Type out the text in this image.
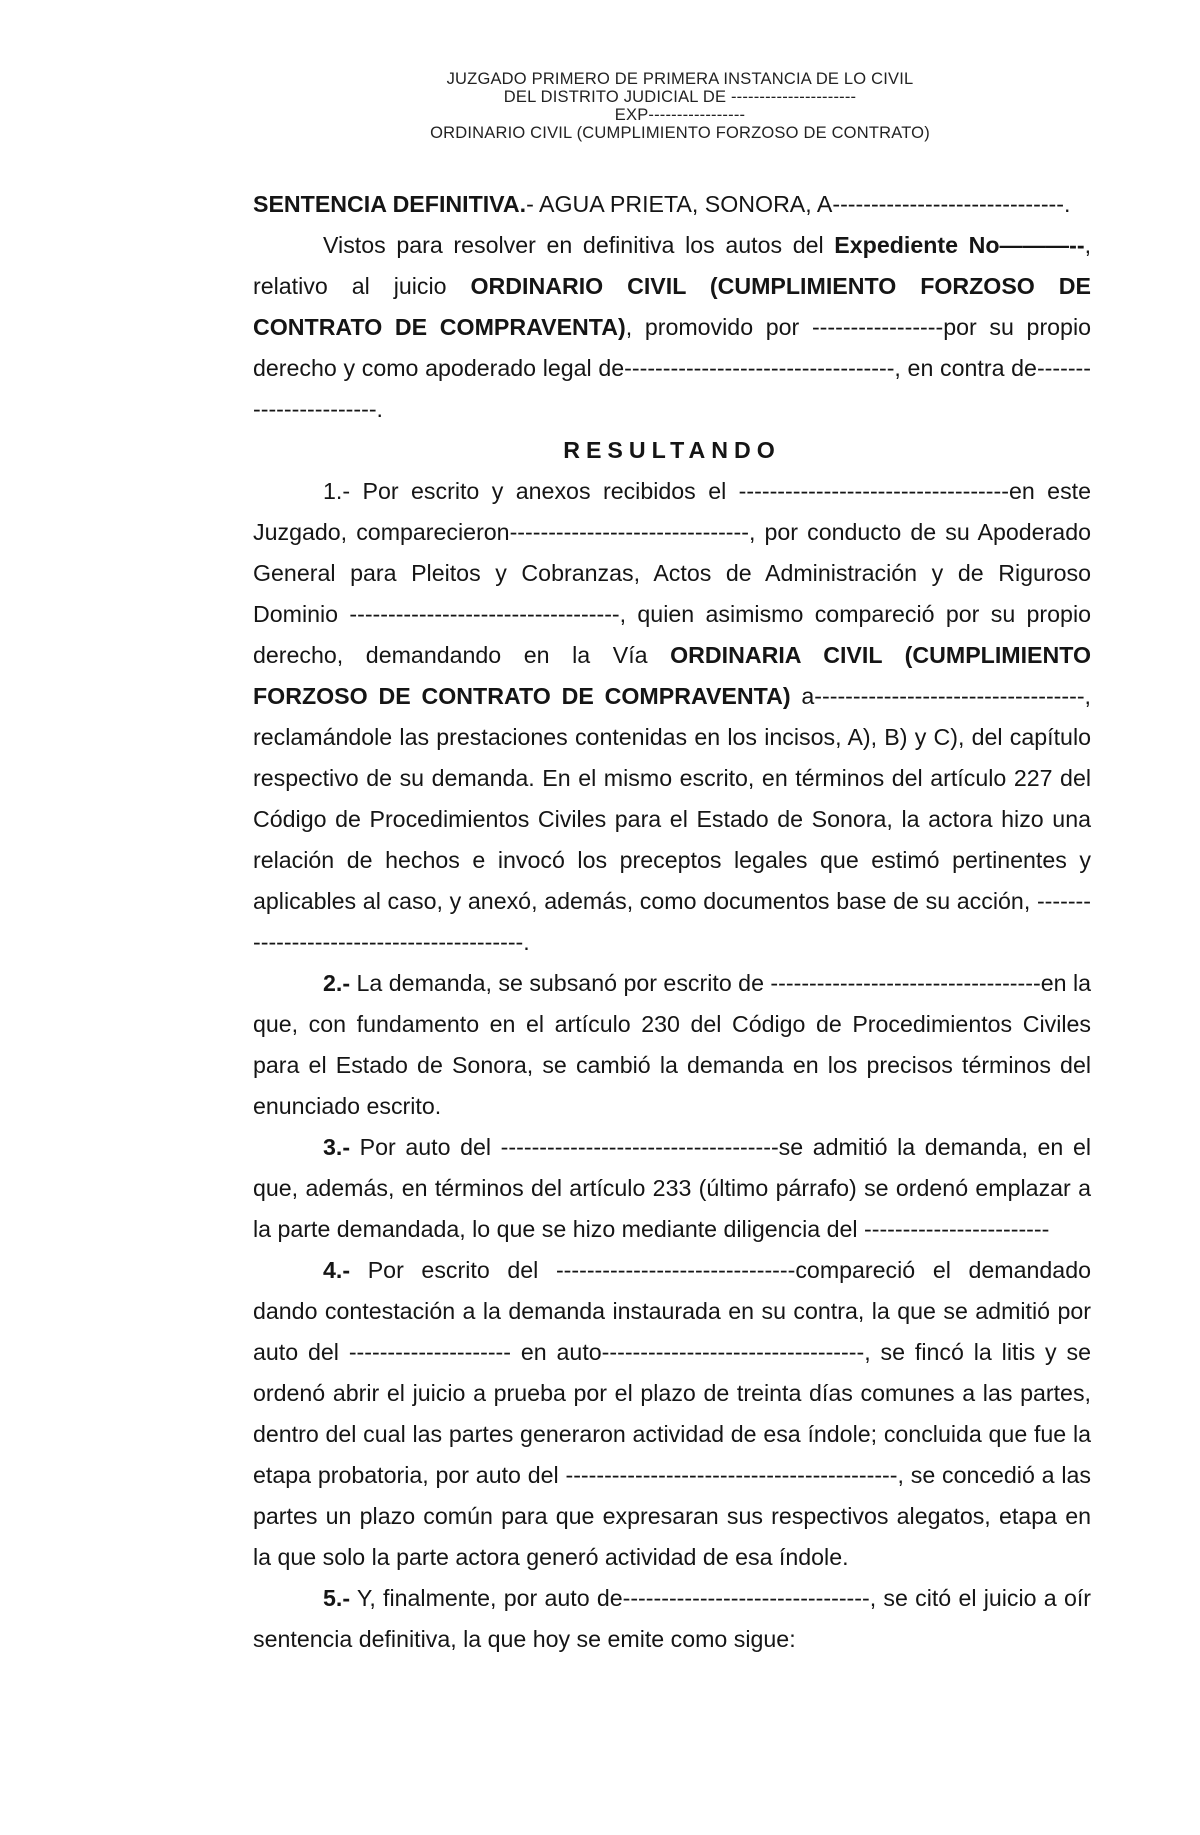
JUZGADO PRIMERO DE PRIMERA INSTANCIA DE LO CIVIL
DEL DISTRITO JUDICIAL DE ----------------------
EXP-----------------
ORDINARIO CIVIL (CUMPLIMIENTO FORZOSO DE CONTRATO)

SENTENCIA DEFINITIVA.- AGUA PRIETA, SONORA, A------------------------------.

Vistos para resolver en definitiva los autos del Expediente No———--, relativo al juicio ORDINARIO CIVIL (CUMPLIMIENTO FORZOSO DE CONTRATO DE COMPRAVENTA), promovido por -----------------por su propio derecho y como apoderado legal de-----------------------------------, en contra de-----------------------.

RESULTANDO

1.- Por escrito y anexos recibidos el -----------------------------------en este Juzgado, comparecieron-------------------------------, por conducto de su Apoderado General para Pleitos y Cobranzas, Actos de Administración y de Riguroso Dominio -----------------------------------, quien asimismo compareció por su propio derecho, demandando en la Vía ORDINARIA CIVIL (CUMPLIMIENTO FORZOSO DE CONTRATO DE COMPRAVENTA) a-----------------------------------, reclamándole las prestaciones contenidas en los incisos, A), B) y C), del capítulo respectivo de su demanda. En el mismo escrito, en términos del artículo 227 del Código de Procedimientos Civiles para el Estado de Sonora, la actora hizo una relación de hechos e invocó los preceptos legales que estimó pertinentes y aplicables al caso, y anexó, además, como documentos base de su acción, ------------------------------------------.

2.- La demanda, se subsanó por escrito de -----------------------------------en la que, con fundamento en el artículo 230 del Código de Procedimientos Civiles para el Estado de Sonora, se cambió la demanda en los precisos términos del enunciado escrito.

3.- Por auto del ------------------------------------se admitió la demanda, en el que, además, en términos del artículo 233 (último párrafo) se ordenó emplazar a la parte demandada, lo que se hizo mediante diligencia del ------------------------

4.- Por escrito del -------------------------------compareció el demandado dando contestación a la demanda instaurada en su contra, la que se admitió por auto del --------------------- en auto----------------------------------, se fincó la litis y se ordenó abrir el juicio a prueba por el plazo de treinta días comunes a las partes, dentro del cual las partes generaron actividad de esa índole; concluida que fue la etapa probatoria, por auto del -------------------------------------------, se concedió a las partes un plazo común para que expresaran sus respectivos alegatos, etapa en la que solo la parte actora generó actividad de esa índole.

5.- Y, finalmente, por auto de--------------------------------, se citó el juicio a oír sentencia definitiva, la que hoy se emite como sigue:
